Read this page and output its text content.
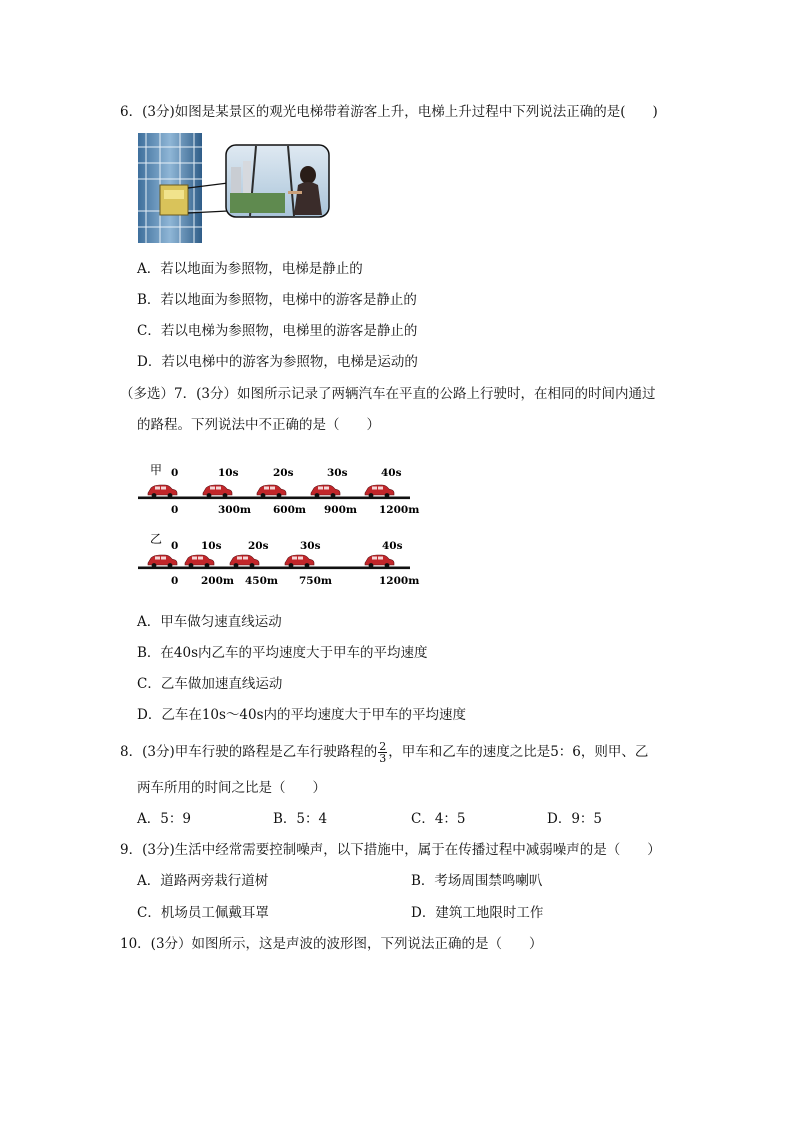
6．(3分)如图是某景区的观光电梯带着游客上升，电梯上升过程中下列说法正确的是(　　)
A．若以地面为参照物，电梯是静止的
B．若以地面为参照物，电梯中的游客是静止的
C．若以电梯为参照物，电梯里的游客是静止的
D．若以电梯中的游客为参照物，电梯是运动的
（多选）7．(3分）如图所示记录了两辆汽车在平直的公路上行驶时，在相同的时间内通过
的路程。下列说法中不正确的是（　　）
甲 0	10s	20s	30s	40s
0	300m 600m 900m 1200m
乙 0 10s	20s	30s	40s
0 200m 450m 750m	1200m
A．甲车做匀速直线运动
B．在40s内乙车的平均速度大于甲车的平均速度
C．乙车做加速直线运动
D．乙车在10s～40s内的平均速度大于甲车的平均速度
8．(3分)甲车行驶的路程是乙车行驶路程的 $\frac{2}{3}$ ，甲车和乙车的速度之比是5：6，则甲、乙
两车所用的时间之比是（　　）
A．5：9	B．5：4	C．4：5	D．9：5
9．(3分)生活中经常需要控制噪声，以下措施中，属于在传播过程中减弱噪声的是（　　）
A．道路两旁栽行道树	B．考场周围禁鸣喇叭
C．机场员工佩戴耳罩	D．建筑工地限时工作
10．(3分）如图所示，这是声波的波形图，下列说法正确的是（　　）
